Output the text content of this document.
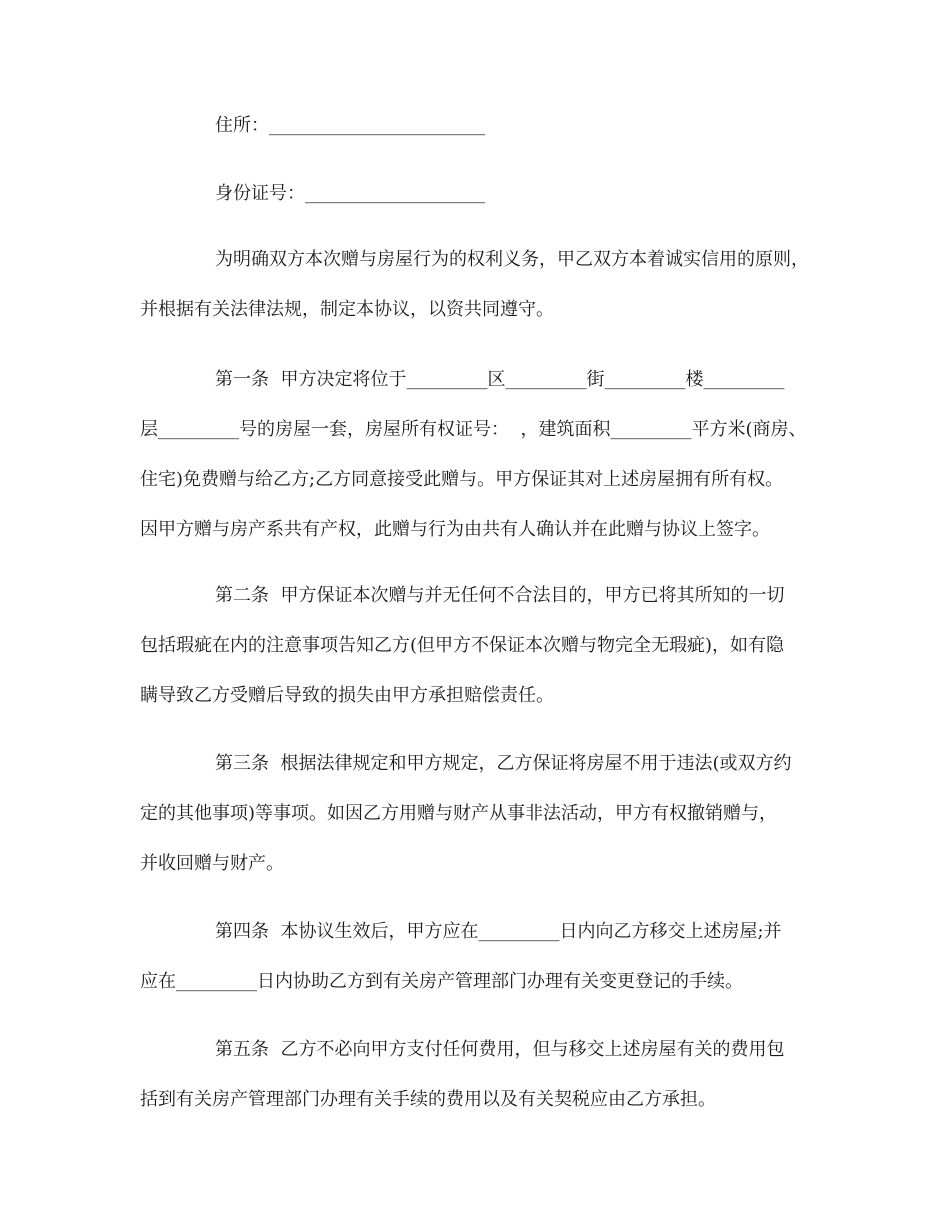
住所：________________________
身份证号：____________________
为明确双方本次赠与房屋行为的权利义务，甲乙双方本着诚实信用的原则，
并根据有关法律法规，制定本协议，以资共同遵守。
第一条  甲方决定将位于_________区_________街_________楼_________
层_________号的房屋一套，房屋所有权证号：  ，建筑面积_________平方米(商房、
住宅)免费赠与给乙方;乙方同意接受此赠与。甲方保证其对上述房屋拥有所有权。
因甲方赠与房产系共有产权，此赠与行为由共有人确认并在此赠与协议上签字。
第二条  甲方保证本次赠与并无任何不合法目的，甲方已将其所知的一切
包括瑕疵在内的注意事项告知乙方(但甲方不保证本次赠与物完全无瑕疵)，如有隐
瞒导致乙方受赠后导致的损失由甲方承担赔偿责任。
第三条  根据法律规定和甲方规定，乙方保证将房屋不用于违法(或双方约
定的其他事项)等事项。如因乙方用赠与财产从事非法活动，甲方有权撤销赠与，
并收回赠与财产。
第四条  本协议生效后，甲方应在_________日内向乙方移交上述房屋;并
应在_________日内协助乙方到有关房产管理部门办理有关变更登记的手续。
第五条  乙方不必向甲方支付任何费用，但与移交上述房屋有关的费用包
括到有关房产管理部门办理有关手续的费用以及有关契税应由乙方承担。
